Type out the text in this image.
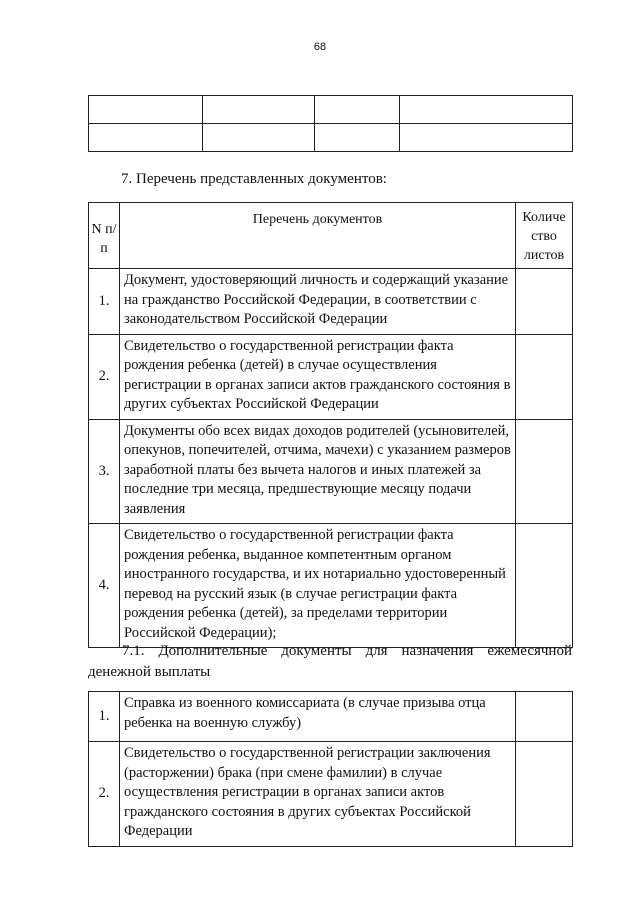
68

7. Перечень представленных документов:
N п/п	Перечень документов	Количе ство листов
1.	Документ, удостоверяющий личность и содержащий указание на гражданство Российской Федерации, в соответствии с законодательством Российской Федерации	
2.	Свидетельство о государственной регистрации факта рождения ребенка (детей) в случае осуществления регистрации в органах записи актов гражданского состояния в других субъектах Российской Федерации	
3.	Документы обо всех видах доходов родителей (усыновителей, опекунов, попечителей, отчима, мачехи) с указанием размеров заработной платы без вычета налогов и иных платежей за последние три месяца, предшествующие месяцу подачи заявления	
4.	Свидетельство о государственной регистрации факта рождения ребенка, выданное компетентным органом иностранного государства, и их нотариально удостоверенный перевод на русский язык (в случае регистрации факта рождения ребенка (детей), за пределами территории Российской Федерации);	
7.1. Дополнительные документы для назначения ежемесячной
денежной выплаты
1.	Справка из военного комиссариата (в случае призыва отца ребенка на военную службу)	
2.	Свидетельство о государственной регистрации заключения (расторжении) брака (при смене фамилии) в случае осуществления регистрации в органах записи актов гражданского состояния в других субъектах Российской Федерации	
